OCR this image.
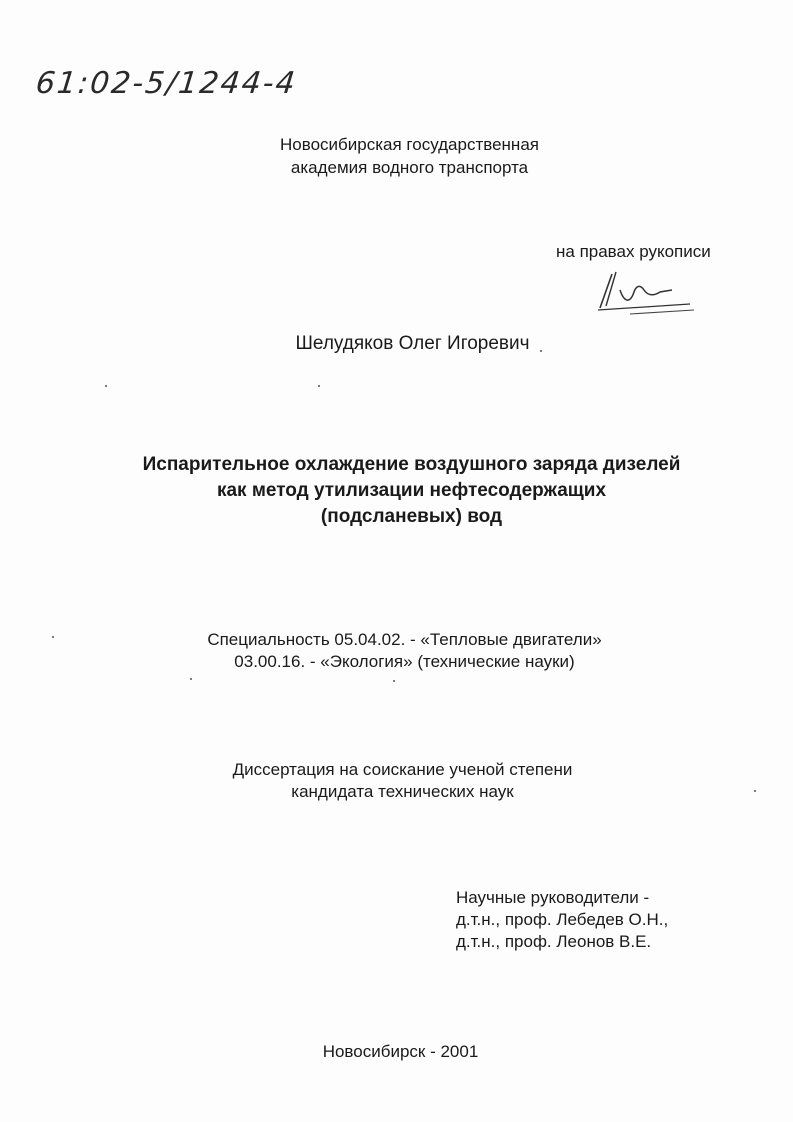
61:02-5/1244-4
Новосибирская государственная
академия водного транспорта
на правах рукописи
Шелудяков Олег Игоревич
Испарительное охлаждение воздушного заряда дизелей
как метод утилизации нефтесодержащих
(подсланевых) вод
Специальность 05.04.02. - «Тепловые двигатели»
03.00.16. - «Экология» (технические науки)
Диссертация на соискание ученой степени
кандидата технических наук
Научные руководители -
д.т.н., проф. Лебедев О.Н.,
д.т.н., проф. Леонов В.Е.
Новосибирск - 2001
